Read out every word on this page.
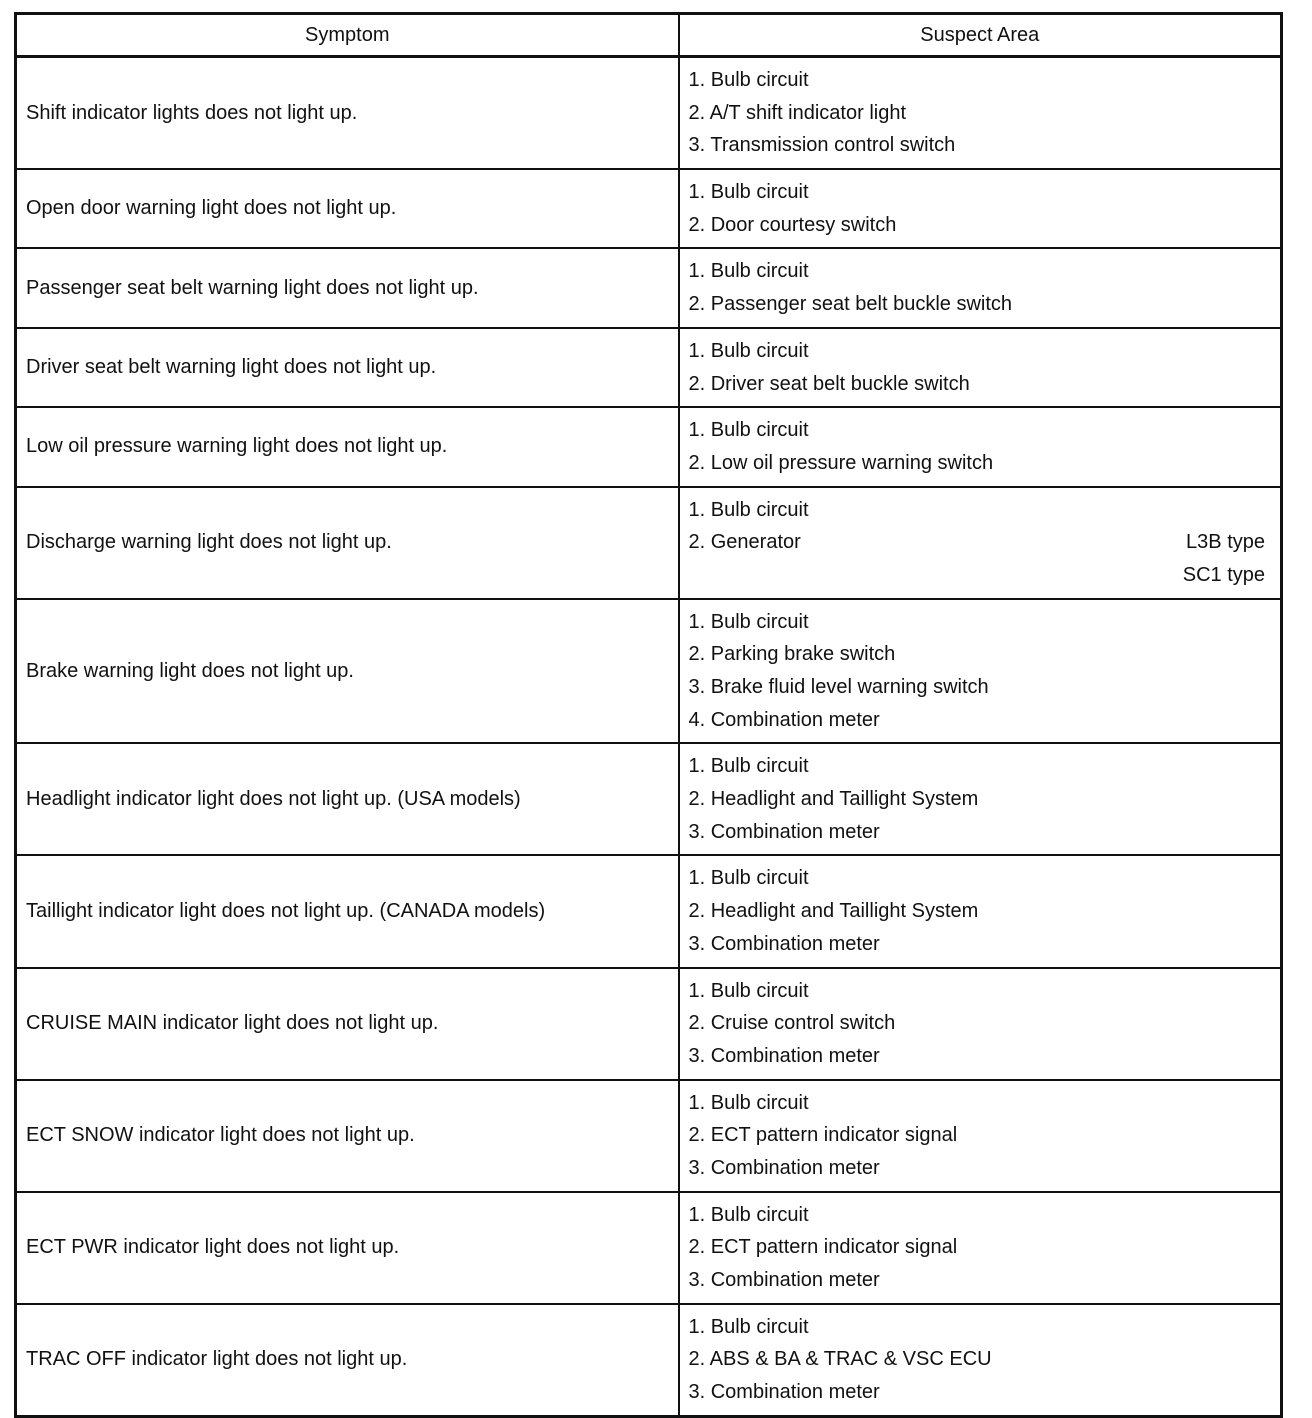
Symptom	Suspect Area
Shift indicator lights does not light up.	1. Bulb circuit
2. A/T shift indicator light
3. Transmission control switch

Open door warning light does not light up.	1. Bulb circuit
2. Door courtesy switch

Passenger seat belt warning light does not light up.	1. Bulb circuit
2. Passenger seat belt buckle switch

Driver seat belt warning light does not light up.	1. Bulb circuit
2. Driver seat belt buckle switch

Low oil pressure warning light does not light up.	1. Bulb circuit
2. Low oil pressure warning switch

Discharge warning light does not light up.	1. Bulb circuit
2. Generator L3B type
SC1 type

Brake warning light does not light up.	1. Bulb circuit
2. Parking brake switch
3. Brake fluid level warning switch
4. Combination meter

Headlight indicator light does not light up. (USA models)	1. Bulb circuit
2. Headlight and Taillight System
3. Combination meter

Taillight indicator light does not light up. (CANADA models)	1. Bulb circuit
2. Headlight and Taillight System
3. Combination meter

CRUISE MAIN indicator light does not light up.	1. Bulb circuit
2. Cruise control switch
3. Combination meter

ECT SNOW indicator light does not light up.	1. Bulb circuit
2. ECT pattern indicator signal
3. Combination meter

ECT PWR indicator light does not light up.	1. Bulb circuit
2. ECT pattern indicator signal
3. Combination meter

TRAC OFF indicator light does not light up.	1. Bulb circuit
2. ABS & BA & TRAC & VSC ECU
3. Combination meter
